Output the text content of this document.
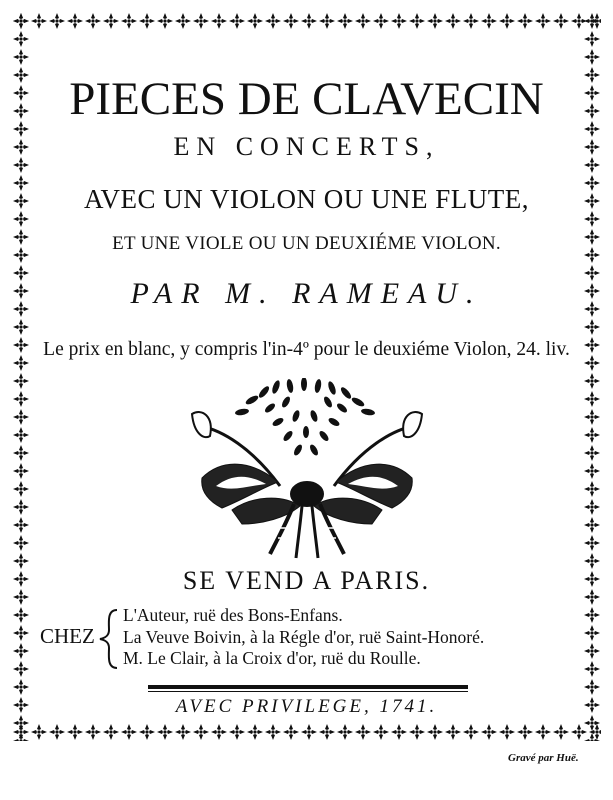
PIECES DE CLAVECIN

EN CONCERTS,

AVEC UN VIOLON OU UNE FLUTE,

ET UNE VIOLE OU UN DEUXIÉME VIOLON.

PAR M. RAMEAU.

Le prix en blanc, y compris l'in-4º pour le deuxiéme Violon, 24. liv.

SE VEND A PARIS.

CHEZ
L'Auteur, ruë des Bons-Enfans.
La Veuve Boivin, à la Régle d'or, ruë Saint-Honoré.
M. Le Clair, à la Croix d'or, ruë du Roulle.

AVEC PRIVILEGE, 1741.

Gravé par Huë.
